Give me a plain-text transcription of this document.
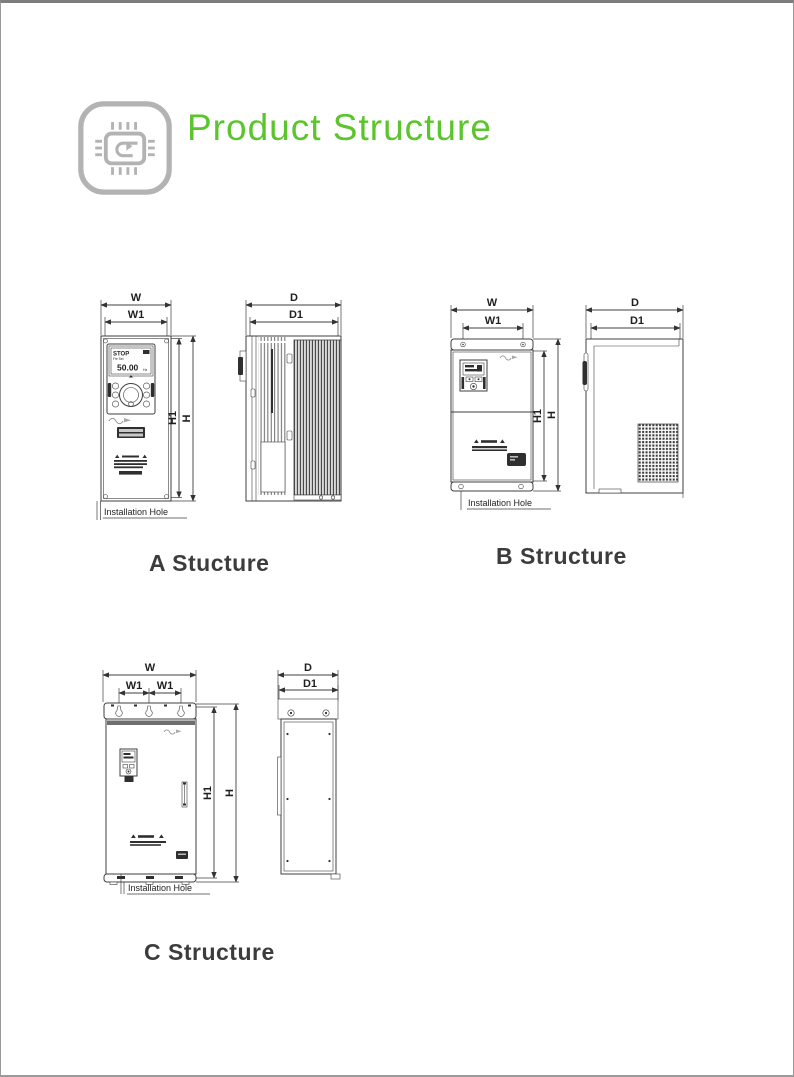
Product Structure
W
W1
STOP
Fre Set
50.00 Hz
H1 H
Installation Hole
D
D1
W
W1
H1 H
Installation Hole
D
D1
W
W1 W1
H1 H
Installation Hole
D
D1
A Stucture	B Structure
C Structure
